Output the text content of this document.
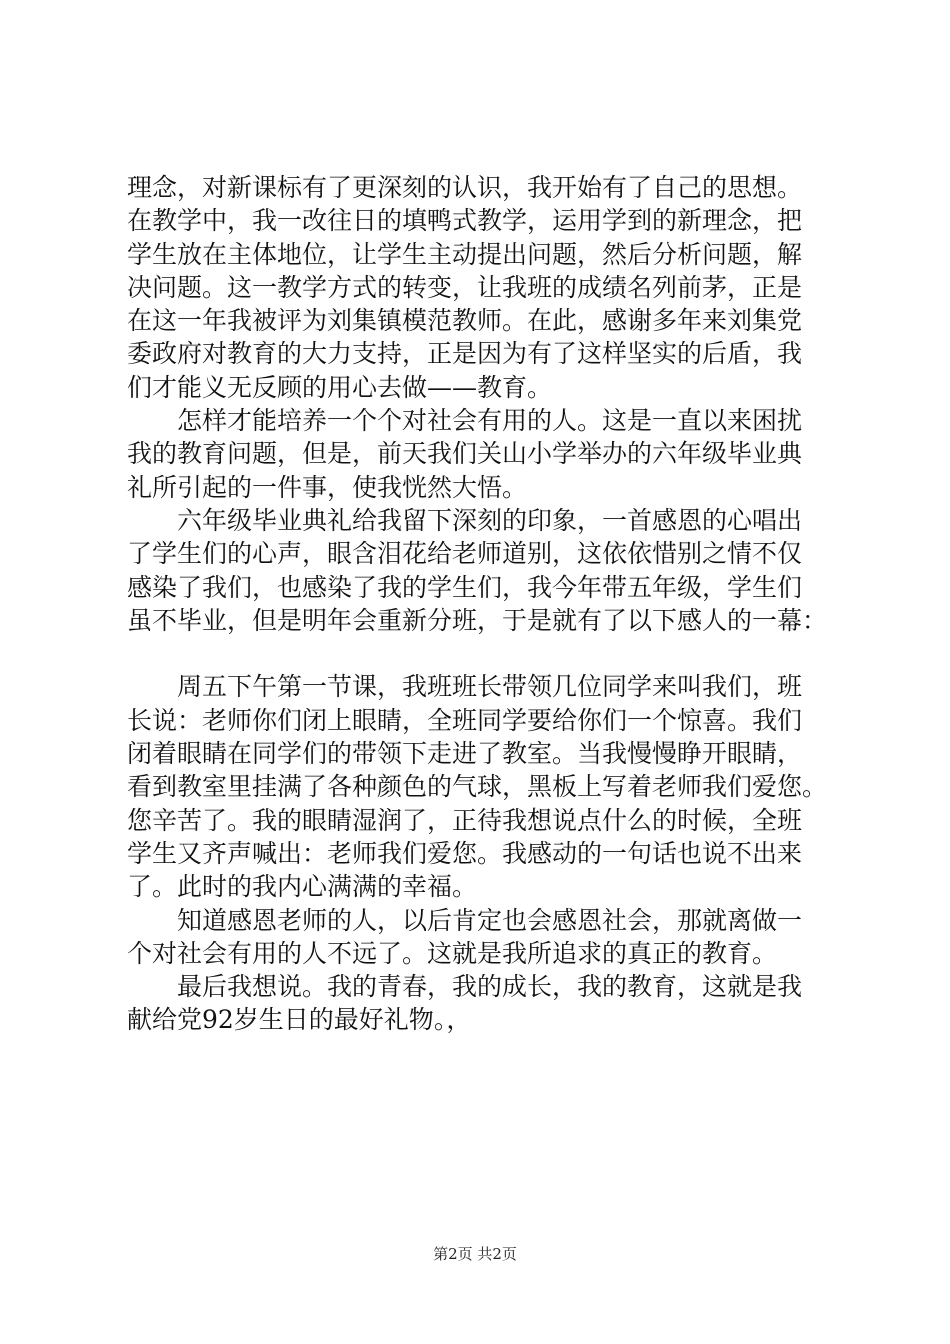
理念，对新课标有了更深刻的认识，我开始有了自己的思想。
在教学中，我一改往日的填鸭式教学，运用学到的新理念，把
学生放在主体地位，让学生主动提出问题，然后分析问题，解
决问题。这一教学方式的转变，让我班的成绩名列前茅，正是
在这一年我被评为刘集镇模范教师。在此，感谢多年来刘集党
委政府对教育的大力支持，正是因为有了这样坚实的后盾，我
们才能义无反顾的用心去做——教育。
　　怎样才能培养一个个对社会有用的人。这是一直以来困扰
我的教育问题，但是，前天我们关山小学举办的六年级毕业典
礼所引起的一件事，使我恍然大悟。
　　六年级毕业典礼给我留下深刻的印象，一首感恩的心唱出
了学生们的心声，眼含泪花给老师道别，这依依惜别之情不仅
感染了我们，也感染了我的学生们，我今年带五年级，学生们
虽不毕业，但是明年会重新分班，于是就有了以下感人的一幕：
　　周五下午第一节课，我班班长带领几位同学来叫我们，班
长说：老师你们闭上眼睛，全班同学要给你们一个惊喜。我们
闭着眼睛在同学们的带领下走进了教室。当我慢慢睁开眼睛，
看到教室里挂满了各种颜色的气球，黑板上写着老师我们爱您。
您辛苦了。我的眼睛湿润了，正待我想说点什么的时候，全班
学生又齐声喊出：老师我们爱您。我感动的一句话也说不出来
了。此时的我内心满满的幸福。
　　知道感恩老师的人，以后肯定也会感恩社会，那就离做一
个对社会有用的人不远了。这就是我所追求的真正的教育。
　　最后我想说。我的青春，我的成长，我的教育，这就是我
献给党92岁生日的最好礼物。，
第2页 共2页
